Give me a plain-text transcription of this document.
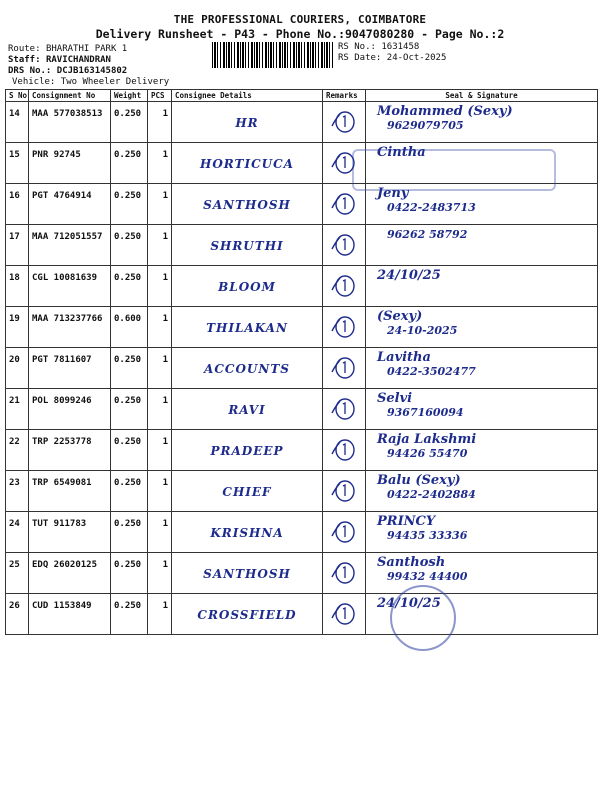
THE PROFESSIONAL COURIERS, COIMBATORE
Delivery Runsheet - P43 - Phone No.:9047080280 - Page No.:2
Route: BHARATHI PARK 1
Staff: RAVICHANDRAN
DRS No.: DCJB163145802
Vehicle: Two Wheeler Delivery
RS No.: 1631458
RS Date: 24-Oct-2025
S No	Consignment No	Weight	PCS	Consignee Details	Remarks	Seal & Signature

14	MAA 577038513	0.250	1	HR		Mohammed (Sexy)
9629079705

15	PNR 92745	0.250	1	HORTICUCA		Cintha

16	PGT 4764914	0.250	1	SANTHOSH		Jeny
0422-2483713

17	MAA 712051557	0.250	1	SHRUTHI		96262 58792

18	CGL 10081639	0.250	1	BLOOM		24/10/25

19	MAA 713237766	0.600	1	THILAKAN		(Sexy)
24-10-2025

20	PGT 7811607	0.250	1	ACCOUNTS		Lavitha
0422-3502477

21	POL 8099246	0.250	1	RAVI		Selvi
9367160094

22	TRP 2253778	0.250	1	PRADEEP		Raja Lakshmi
94426 55470

23	TRP 6549081	0.250	1	CHIEF		Balu (Sexy)
0422-2402884

24	TUT 911783	0.250	1	KRISHNA		PRINCY
94435 33336

25	EDQ 26020125	0.250	1	SANTHOSH		Santhosh
99432 44400

26	CUD 1153849	0.250	1	CROSSFIELD		24/10/25
